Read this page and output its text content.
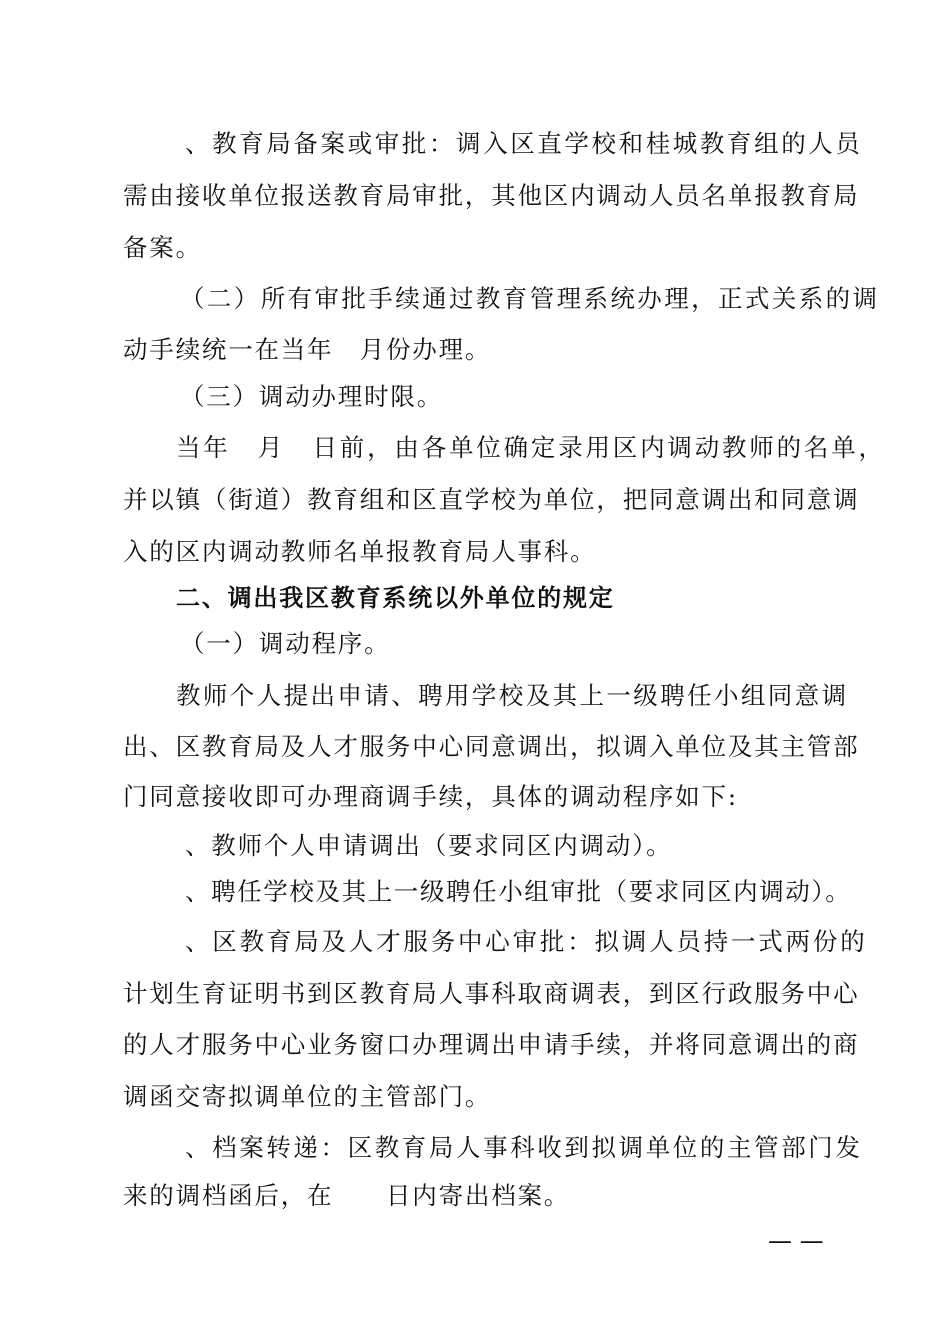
、教育局备案或审批：调入区直学校和桂城教育组的人员
需由接收单位报送教育局审批，其他区内调动人员名单报教育局
备案。
（二）所有审批手续通过教育管理系统办理，正式关系的调
动手续统一在当年　月份办理。
（三）调动办理时限。
当年　月　日前，由各单位确定录用区内调动教师的名单，
并以镇（街道）教育组和区直学校为单位，把同意调出和同意调
入的区内调动教师名单报教育局人事科。
二、调出我区教育系统以外单位的规定
（一）调动程序。
教师个人提出申请、聘用学校及其上一级聘任小组同意调
出、区教育局及人才服务中心同意调出，拟调入单位及其主管部
门同意接收即可办理商调手续，具体的调动程序如下:
、教师个人申请调出（要求同区内调动）。
、聘任学校及其上一级聘任小组审批（要求同区内调动）。
、区教育局及人才服务中心审批：拟调人员持一式两份的
计划生育证明书到区教育局人事科取商调表，到区行政服务中心
的人才服务中心业务窗口办理调出申请手续，并将同意调出的商
调函交寄拟调单位的主管部门。
、档案转递：区教育局人事科收到拟调单位的主管部门发
来的调档函后，在　　日内寄出档案。
— —
